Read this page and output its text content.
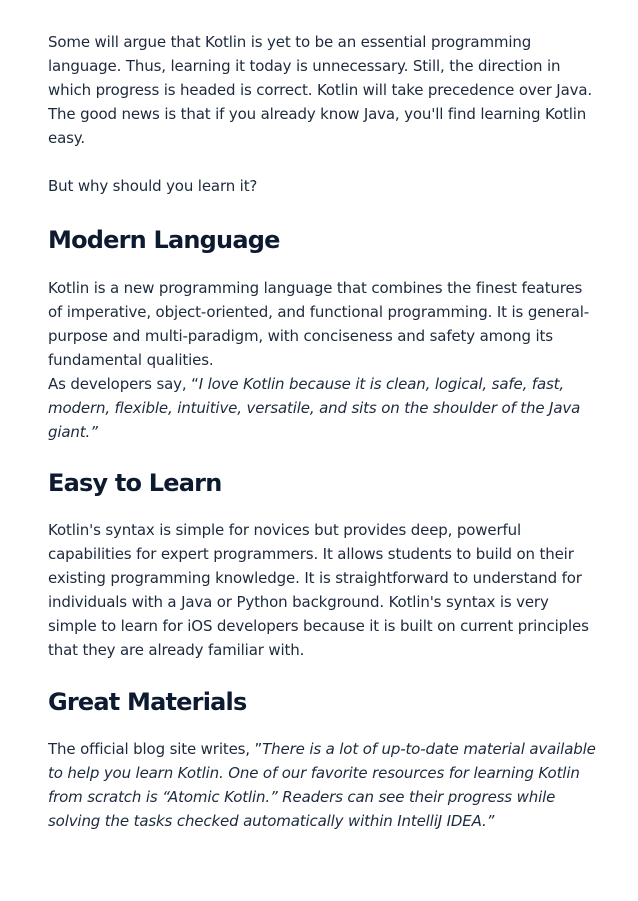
Some will argue that Kotlin is yet to be an essential programming language. Thus, learning it today is unnecessary. Still, the direction in which progress is headed is correct. Kotlin will take precedence over Java. The good news is that if you already know Java, you'll find learning Kotlin easy.

But why should you learn it?

Modern Language

Kotlin is a new programming language that combines the finest features of imperative, object-oriented, and functional programming. It is general-purpose and multi-paradigm, with conciseness and safety among its fundamental qualities.

As developers say, “I love Kotlin because it is clean, logical, safe, fast, modern, flexible, intuitive, versatile, and sits on the shoulder of the Java giant.”

Easy to Learn

Kotlin's syntax is simple for novices but provides deep, powerful capabilities for expert programmers. It allows students to build on their existing programming knowledge. It is straightforward to understand for individuals with a Java or Python background. Kotlin's syntax is very simple to learn for iOS developers because it is built on current principles that they are already familiar with.

Great Materials

The official blog site writes, ”There is a lot of up-to-date material available to help you learn Kotlin. One of our favorite resources for learning Kotlin from scratch is “Atomic Kotlin.” Readers can see their progress while solving the tasks checked automatically within IntelliJ IDEA.”
